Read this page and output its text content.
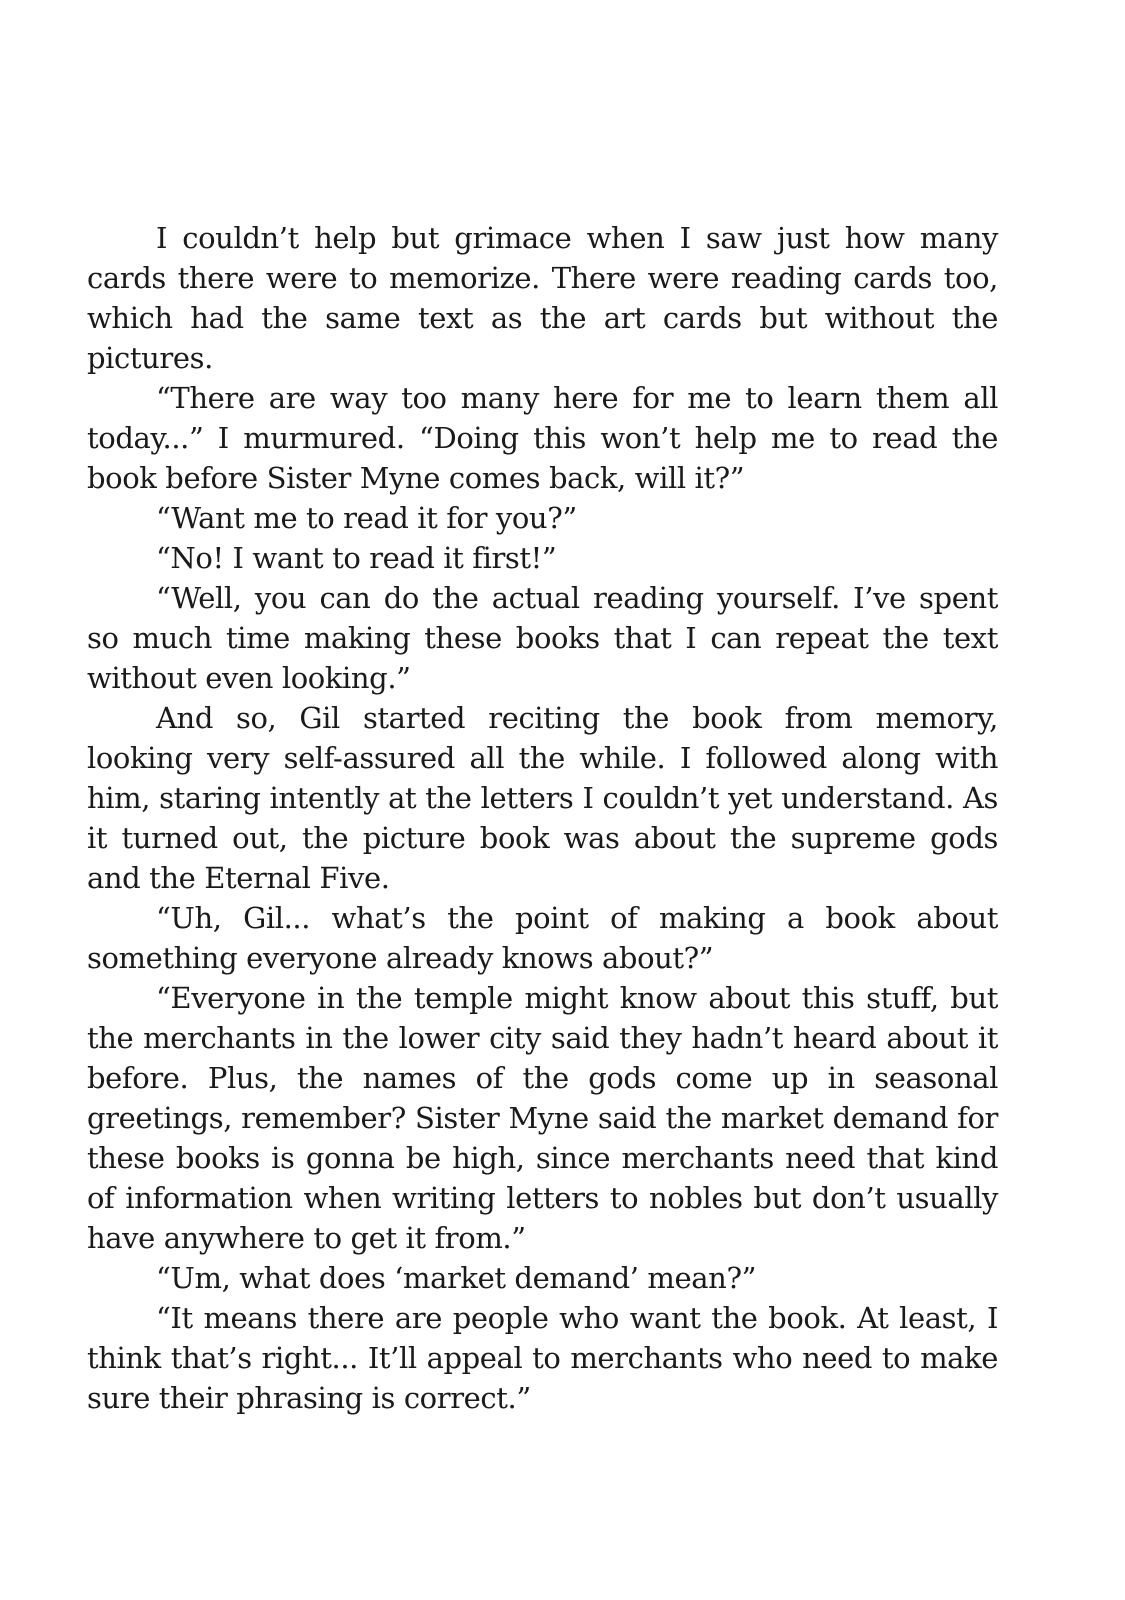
I couldn’t help but grimace when I saw just how many cards there were to memorize. There were reading cards too, which had the same text as the art cards but without the pictures.

“There are way too many here for me to learn them all today...” I murmured. “Doing this won’t help me to read the book before Sister Myne comes back, will it?”

“Want me to read it for you?”

“No! I want to read it first!”

“Well, you can do the actual reading yourself. I’ve spent so much time making these books that I can repeat the text without even looking.”

And so, Gil started reciting the book from memory, looking very self-assured all the while. I followed along with him, staring intently at the letters I couldn’t yet understand. As it turned out, the picture book was about the supreme gods and the Eternal Five.

“Uh, Gil... what’s the point of making a book about something everyone already knows about?”

“Everyone in the temple might know about this stuff, but the merchants in the lower city said they hadn’t heard about it before. Plus, the names of the gods come up in seasonal greetings, remember? Sister Myne said the market demand for these books is gonna be high, since merchants need that kind of information when writing letters to nobles but don’t usually have anywhere to get it from.”

“Um, what does ‘market demand’ mean?”

“It means there are people who want the book. At least, I think that’s right... It’ll appeal to merchants who need to make sure their phrasing is correct.”
